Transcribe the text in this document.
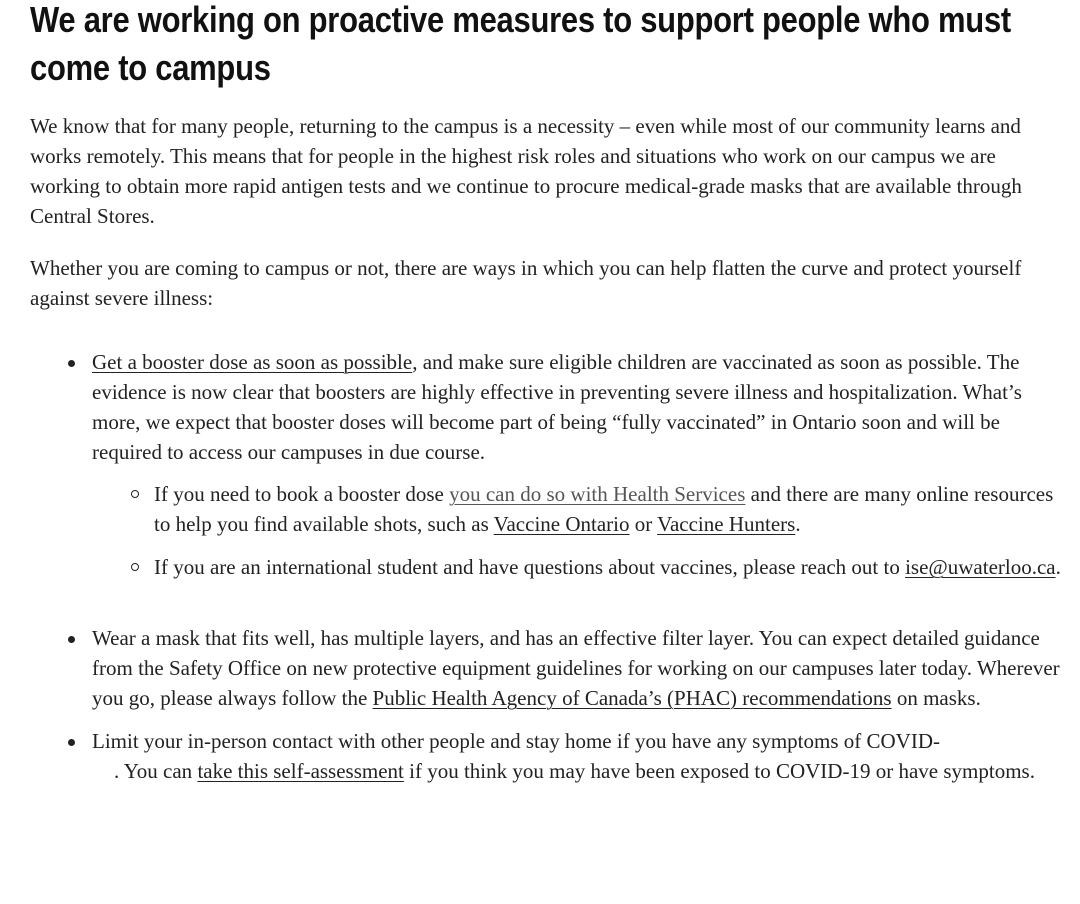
We are working on proactive measures to support people who must come to campus

We know that for many people, returning to the campus is a necessity – even while most of our community learns and works remotely. This means that for people in the highest risk roles and situations who work on our campus we are working to obtain more rapid antigen tests and we continue to procure medical-grade masks that are available through Central Stores.

Whether you are coming to campus or not, there are ways in which you can help flatten the curve and protect yourself against severe illness:

Get a booster dose as soon as possible, and make sure eligible children are vaccinated as soon as possible. The evidence is now clear that boosters are highly effective in preventing severe illness and hospitalization. What’s more, we expect that booster doses will become part of being “fully vaccinated” in Ontario soon and will be required to access our campuses in due course.
If you need to book a booster dose you can do so with Health Services and there are many online resources to help you find available shots, such as Vaccine Ontario or Vaccine Hunters.
If you are an international student and have questions about vaccines, please reach out to ise@uwaterloo.ca.
Wear a mask that fits well, has multiple layers, and has an effective filter layer. You can expect detailed guidance from the Safety Office on new protective equipment guidelines for working on our campuses later today. Wherever you go, please always follow the Public Health Agency of Canada’s (PHAC) recommendations on masks.
Limit your in-person contact with other people and stay home if you have any symptoms of COVID-
. You can take this self-assessment if you think you may have been exposed to COVID-19 or have symptoms.
